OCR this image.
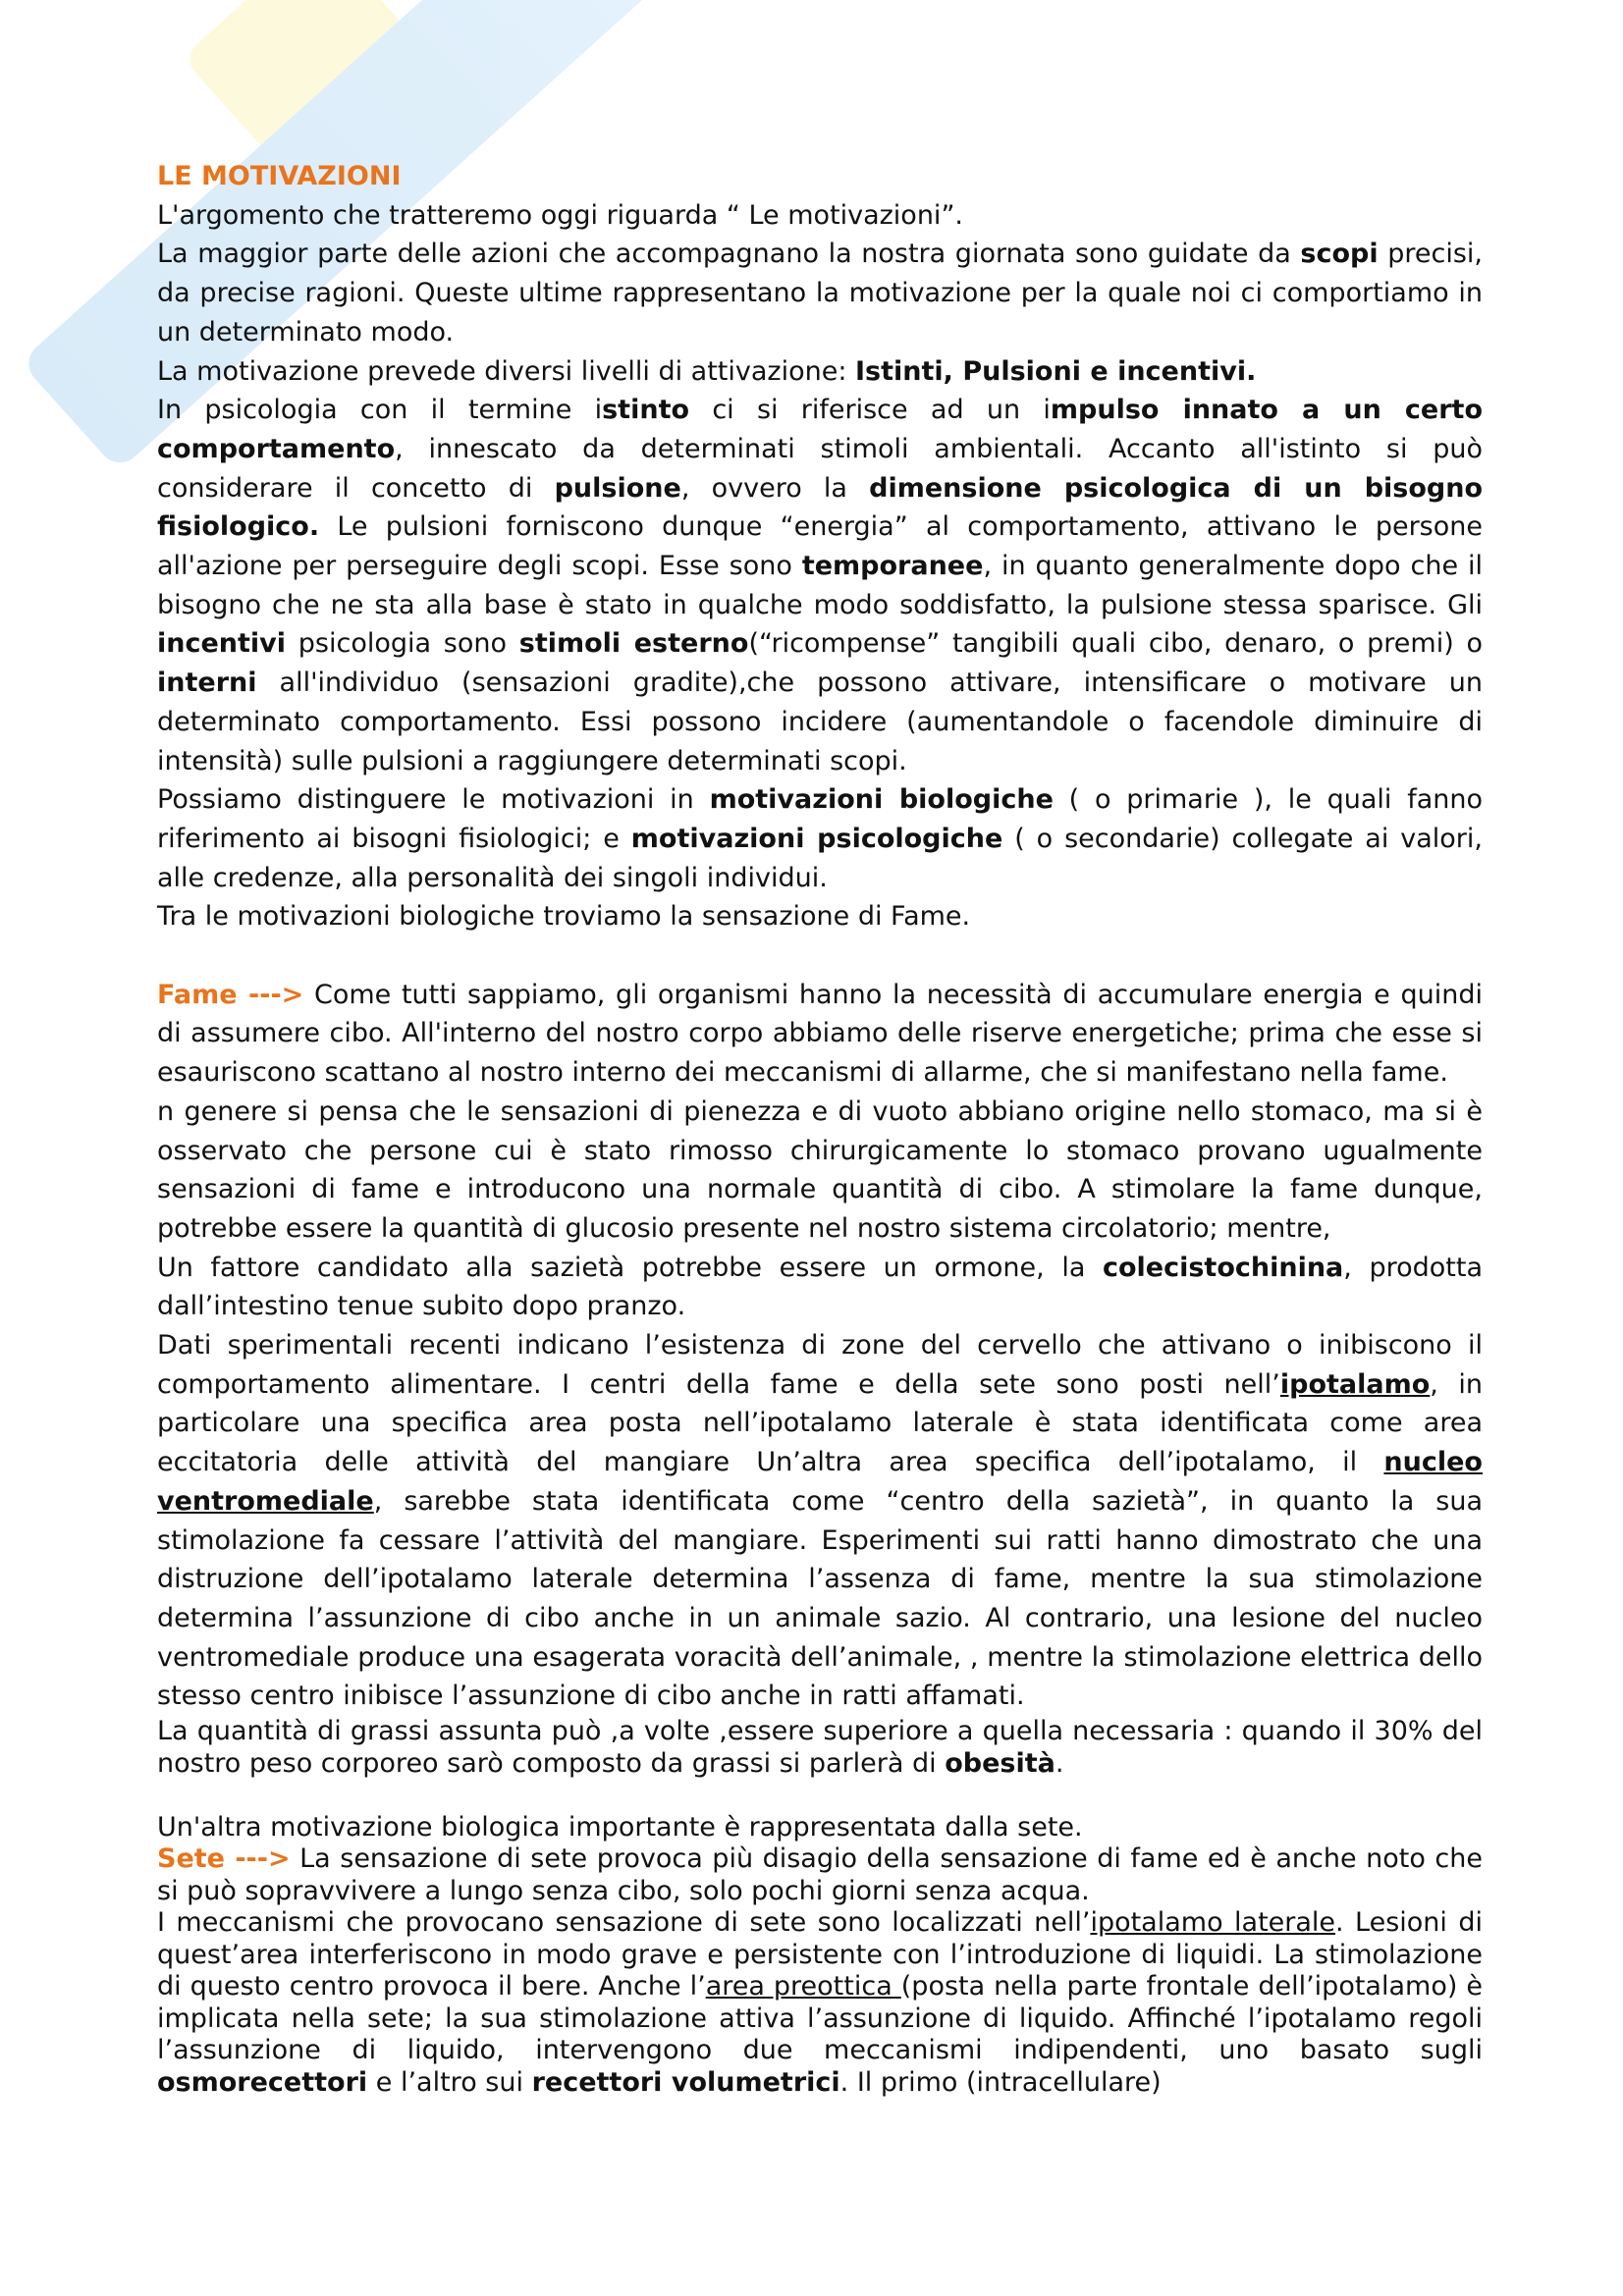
LE MOTIVAZIONI

L'argomento che tratteremo oggi riguarda “ Le motivazioni”.

La maggior parte delle azioni che accompagnano la nostra giornata sono guidate da scopi precisi, da precise ragioni. Queste ultime rappresentano la motivazione per la quale noi ci comportiamo in un determinato modo.

La motivazione prevede diversi livelli di attivazione: Istinti, Pulsioni e incentivi.

In psicologia con il termine istinto ci si riferisce ad un impulso innato a un certo comportamento, innescato da determinati stimoli ambientali. Accanto all'istinto si può considerare il concetto di pulsione, ovvero la dimensione psicologica di un bisogno fisiologico. Le pulsioni forniscono dunque “energia” al comportamento, attivano le persone all'azione per perseguire degli scopi. Esse sono temporanee, in quanto generalmente dopo che il bisogno che ne sta alla base è stato in qualche modo soddisfatto, la pulsione stessa sparisce. Gli incentivi psicologia sono stimoli esterno(“ricompense” tangibili quali cibo, denaro, o premi) o interni all'individuo (sensazioni gradite),che possono attivare, intensificare o motivare un determinato comportamento. Essi possono incidere (aumentandole o facendole diminuire di intensità) sulle pulsioni a raggiungere determinati scopi.

Possiamo distinguere le motivazioni in motivazioni biologiche ( o primarie ), le quali fanno riferimento ai bisogni fisiologici; e motivazioni psicologiche ( o secondarie) collegate ai valori, alle credenze, alla personalità dei singoli individui.

Tra le motivazioni biologiche troviamo la sensazione di Fame.

Fame ---> Come tutti sappiamo, gli organismi hanno la necessità di accumulare energia e quindi di assumere cibo. All'interno del nostro corpo abbiamo delle riserve energetiche; prima che esse si esauriscono scattano al nostro interno dei meccanismi di allarme, che si manifestano nella fame.

n genere si pensa che le sensazioni di pienezza e di vuoto abbiano origine nello stomaco, ma si è osservato che persone cui è stato rimosso chirurgicamente lo stomaco provano ugualmente sensazioni di fame e introducono una normale quantità di cibo. A stimolare la fame dunque, potrebbe essere la quantità di glucosio presente nel nostro sistema circolatorio; mentre,

Un fattore candidato alla sazietà potrebbe essere un ormone, la colecistochinina, prodotta dall’intestino tenue subito dopo pranzo.

Dati sperimentali recenti indicano l’esistenza di zone del cervello che attivano o inibiscono il comportamento alimentare. I centri della fame e della sete sono posti nell’ipotalamo, in particolare una specifica area posta nell’ipotalamo laterale è stata identificata come area eccitatoria delle attività del mangiare Un’altra area specifica dell’ipotalamo, il nucleo ventromediale, sarebbe stata identificata come “centro della sazietà”, in quanto la sua stimolazione fa cessare l’attività del mangiare. Esperimenti sui ratti hanno dimostrato che una distruzione dell’ipotalamo laterale determina l’assenza di fame, mentre la sua stimolazione determina l’assunzione di cibo anche in un animale sazio. Al contrario, una lesione del nucleo ventromediale produce una esagerata voracità dell’animale, , mentre la stimolazione elettrica dello stesso centro inibisce l’assunzione di cibo anche in ratti affamati.

La quantità di grassi assunta può ,a volte ,essere superiore a quella necessaria : quando il 30% del nostro peso corporeo sarò composto da grassi si parlerà di obesità.

Un'altra motivazione biologica importante è rappresentata dalla sete.

Sete ---> La sensazione di sete provoca più disagio della sensazione di fame ed è anche noto che si può sopravvivere a lungo senza cibo, solo pochi giorni senza acqua.

I meccanismi che provocano sensazione di sete sono localizzati nell’ipotalamo laterale. Lesioni di quest’area interferiscono in modo grave e persistente con l’introduzione di liquidi. La stimolazione di questo centro provoca il bere. Anche l’area preottica (posta nella parte frontale dell’ipotalamo) è implicata nella sete; la sua stimolazione attiva l’assunzione di liquido. Affinché l’ipotalamo regoli l’assunzione di liquido, intervengono due meccanismi indipendenti, uno basato sugli osmorecettori e l’altro sui recettori volumetrici. Il primo (intracellulare)
